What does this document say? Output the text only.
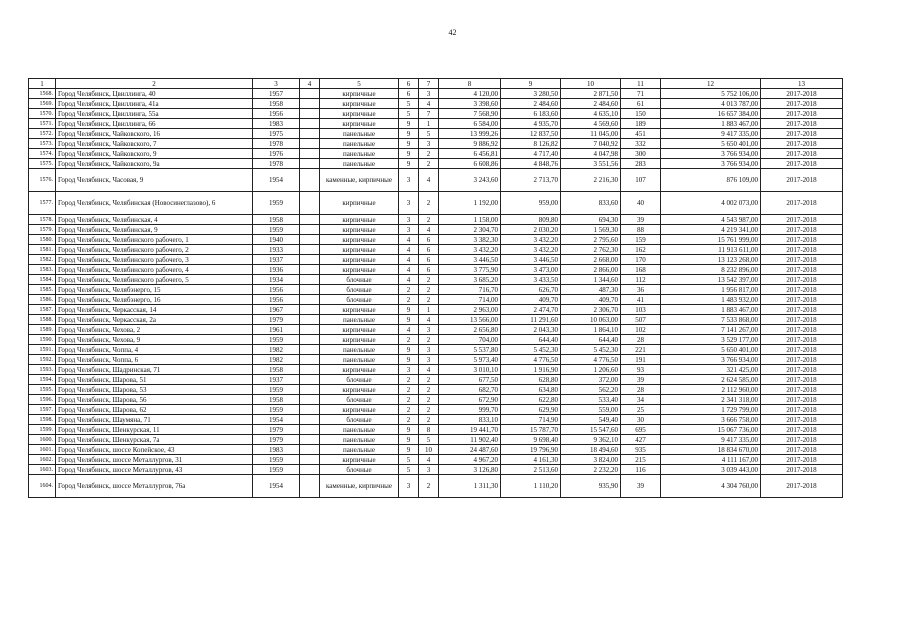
42
1	2	3	4	5	6	7	8	9	10	11	12	13
1568.	Город Челябинск, Цвиллинга, 40	1957		кирпичные	6	3	4 120,00	3 280,50	2 871,50	71	5 752 106,00	2017-2018
1569.	Город Челябинск, Цвиллинга, 41а	1958		кирпичные	5	4	3 398,60	2 484,60	2 484,60	61	4 013 787,00	2017-2018
1570.	Город Челябинск, Цвиллинга, 55а	1956		кирпичные	5	7	7 568,90	6 183,60	4 635,10	150	16 657 384,00	2017-2018
1571.	Город Челябинск, Цвиллинга, 66	1983		кирпичные	9	1	6 584,00	4 935,70	4 569,60	189	1 883 467,00	2017-2018
1572.	Город Челябинск, Чайковского, 16	1975		панельные	9	5	13 999,26	12 837,50	11 045,00	451	9 417 335,00	2017-2018
1573.	Город Челябинск, Чайковского, 7	1978		панельные	9	3	9 886,92	8 126,82	7 040,92	332	5 650 401,00	2017-2018
1574.	Город Челябинск, Чайковского, 9	1976		панельные	9	2	6 456,81	4 717,40	4 047,98	300	3 766 934,00	2017-2018
1575.	Город Челябинск, Чайковского, 9а	1978		панельные	9	2	6 608,86	4 848,76	3 551,56	283	3 766 934,00	2017-2018
1576.	Город Челябинск, Часовая, 9	1954		каменные, кирпичные	3	4	3 243,60	2 713,70	2 216,30	107	876 109,00	2017-2018
1577.	Город Челябинск, Челябинская (Новосинеглазово), 6	1959		кирпичные	3	2	1 192,00	959,00	833,60	40	4 002 073,00	2017-2018
1578.	Город Челябинск, Челябинская, 4	1958		кирпичные	3	2	1 158,00	809,80	694,30	39	4 543 987,00	2017-2018
1579.	Город Челябинск, Челябинская, 9	1959		кирпичные	3	4	2 304,70	2 030,20	1 569,30	88	4 219 341,00	2017-2018
1580.	Город Челябинск, Челябинского рабочего, 1	1940		кирпичные	4	6	3 382,30	3 432,20	2 795,60	159	15 761 999,00	2017-2018
1581.	Город Челябинск, Челябинского рабочего, 2	1933		кирпичные	4	6	3 432,20	3 432,20	2 762,30	162	11 913 611,00	2017-2018
1582.	Город Челябинск, Челябинского рабочего, 3	1937		кирпичные	4	6	3 446,50	3 446,50	2 668,00	170	13 123 268,00	2017-2018
1583.	Город Челябинск, Челябинского рабочего, 4	1936		кирпичные	4	6	3 775,90	3 473,00	2 866,00	168	8 232 896,00	2017-2018
1584.	Город Челябинск, Челябинского рабочего, 5	1934		блочные	4	2	3 685,20	3 433,50	1 344,60	112	13 542 397,00	2017-2018
1585.	Город Челябинск, Челябэнерго, 15	1956		блочные	2	2	716,70	626,70	487,30	36	1 956 817,00	2017-2018
1586.	Город Челябинск, Челябэнерго, 16	1956		блочные	2	2	714,00	409,70	409,70	41	1 483 932,00	2017-2018
1587.	Город Челябинск, Черкасская, 14	1967		кирпичные	9	1	2 963,00	2 474,70	2 306,70	103	1 883 467,00	2017-2018
1588.	Город Челябинск, Черкасская, 2а	1979		панельные	9	4	13 566,00	11 291,60	10 063,00	507	7 533 868,00	2017-2018
1589.	Город Челябинск, Чехова, 2	1961		кирпичные	4	3	2 656,80	2 043,30	1 864,10	102	7 141 267,00	2017-2018
1590.	Город Челябинск, Чехова, 9	1959		кирпичные	2	2	704,00	644,40	644,40	28	3 529 177,00	2017-2018
1591.	Город Челябинск, Чоппа, 4	1982		панельные	9	3	5 537,80	5 452,30	5 452,30	221	5 650 401,00	2017-2018
1592.	Город Челябинск, Чоппа, 6	1982		панельные	9	3	5 973,40	4 776,50	4 776,50	191	3 766 934,00	2017-2018
1593.	Город Челябинск, Шадринская, 71	1958		кирпичные	3	4	3 010,10	1 916,90	1 206,60	93	321 425,00	2017-2018
1594.	Город Челябинск, Шарова, 51	1937		блочные	2	2	677,50	628,80	372,00	39	2 624 585,00	2017-2018
1595.	Город Челябинск, Шарова, 53	1959		кирпичные	2	2	682,70	634,80	562,20	28	2 112 960,00	2017-2018
1596.	Город Челябинск, Шарова, 56	1958		блочные	2	2	672,90	622,80	533,40	34	2 341 318,00	2017-2018
1597.	Город Челябинск, Шарова, 62	1959		кирпичные	2	2	999,70	629,90	559,00	25	1 729 799,00	2017-2018
1598.	Город Челябинск, Шаумяна, 71	1954		блочные	2	2	833,10	714,90	549,40	30	3 666 758,00	2017-2018
1599.	Город Челябинск, Шенкурская, 11	1979		панельные	9	8	19 441,70	15 787,70	15 547,60	695	15 067 736,00	2017-2018
1600.	Город Челябинск, Шенкурская, 7а	1979		панельные	9	5	11 902,40	9 698,40	9 362,10	427	9 417 335,00	2017-2018
1601.	Город Челябинск, шоссе Копейское, 43	1983		панельные	9	10	24 487,60	19 796,90	18 494,60	935	18 834 670,00	2017-2018
1602.	Город Челябинск, шоссе Металлургов, 31	1959		кирпичные	5	4	4 967,20	4 161,30	3 824,00	215	4 111 167,00	2017-2018
1603.	Город Челябинск, шоссе Металлургов, 43	1959		блочные	5	3	3 126,80	2 513,60	2 232,20	116	3 039 443,00	2017-2018
1604.	Город Челябинск, шоссе Металлургов, 76а	1954		каменные, кирпичные	3	2	1 311,30	1 110,20	935,90	39	4 304 760,00	2017-2018
